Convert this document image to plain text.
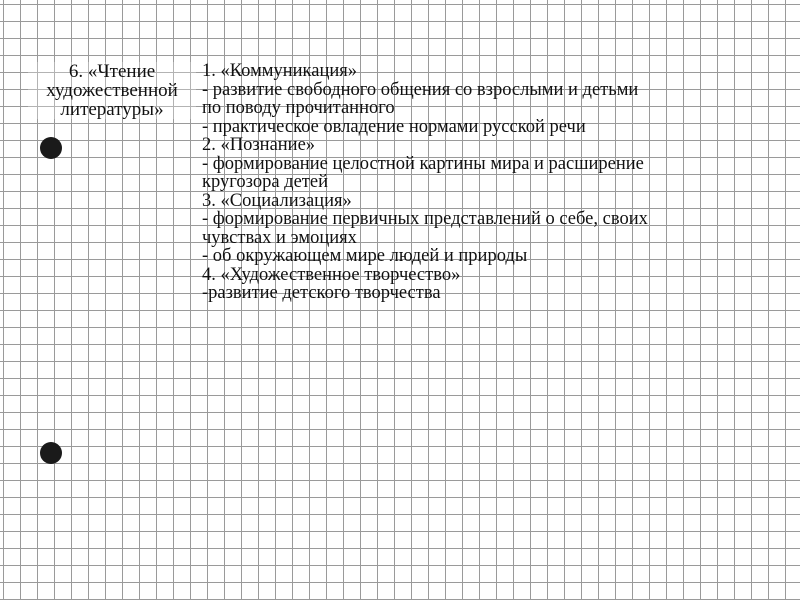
6. «Чтение
художественной
литературы»
1. «Коммуникация»
- развитие свободного общения со взрослыми и детьми
по поводу прочитанного
- практическое овладение нормами русской речи
2. «Познание»
- формирование целостной картины мира и расширение
кругозора детей
3. «Социализация»
- формирование первичных представлений о себе, своих
чувствах и эмоциях
- об окружающем мире людей и природы
4. «Художественное творчество»
-развитие детского творчества
